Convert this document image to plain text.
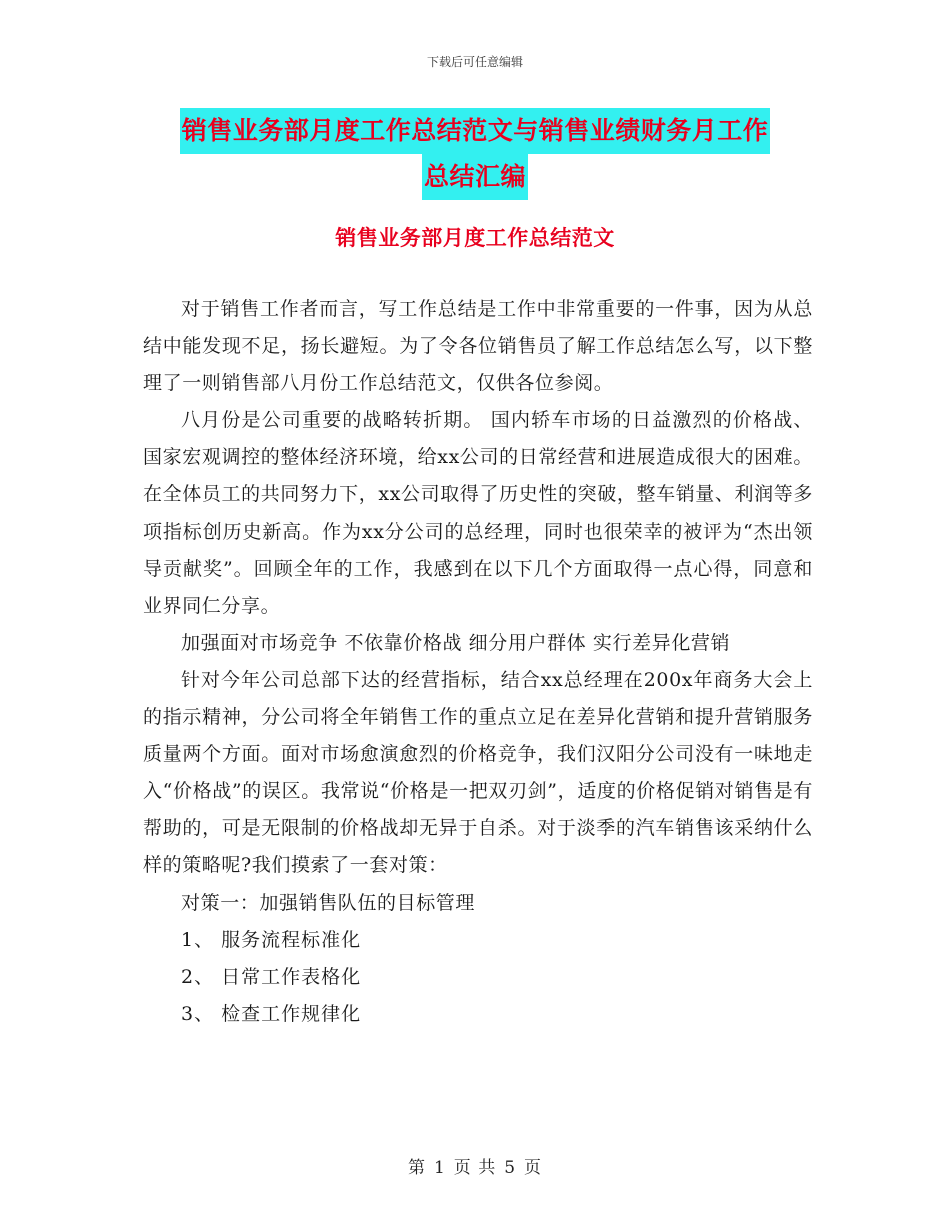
下载后可任意编辑
销售业务部月度工作总结范文与销售业绩财务月工作
总结汇编
销售业务部月度工作总结范文

对于销售工作者而言，写工作总结是工作中非常重要的一件事，因为从总结中能发现不足，扬长避短。为了令各位销售员了解工作总结怎么写，以下整理了一则销售部八月份工作总结范文，仅供各位参阅。

八月份是公司重要的战略转折期。 国内轿车市场的日益激烈的价格战、国家宏观调控的整体经济环境，给xx公司的日常经营和进展造成很大的困难。在全体员工的共同努力下，xx公司取得了历史性的突破，整车销量、利润等多项指标创历史新高。作为xx分公司的总经理，同时也很荣幸的被评为“杰出领导贡献奖”。回顾全年的工作，我感到在以下几个方面取得一点心得，同意和业界同仁分享。

加强面对市场竞争 不依靠价格战 细分用户群体 实行差异化营销

针对今年公司总部下达的经营指标，结合xx总经理在200x年商务大会上的指示精神，分公司将全年销售工作的重点立足在差异化营销和提升营销服务质量两个方面。面对市场愈演愈烈的价格竞争，我们汉阳分公司没有一味地走入“价格战”的误区。我常说“价格是一把双刃剑”，适度的价格促销对销售是有帮助的，可是无限制的价格战却无异于自杀。对于淡季的汽车销售该采纳什么样的策略呢?我们摸索了一套对策：

对策一：加强销售队伍的目标管理

1、 服务流程标准化

2、 日常工作表格化

3、 检查工作规律化

第 1 页 共 5 页
